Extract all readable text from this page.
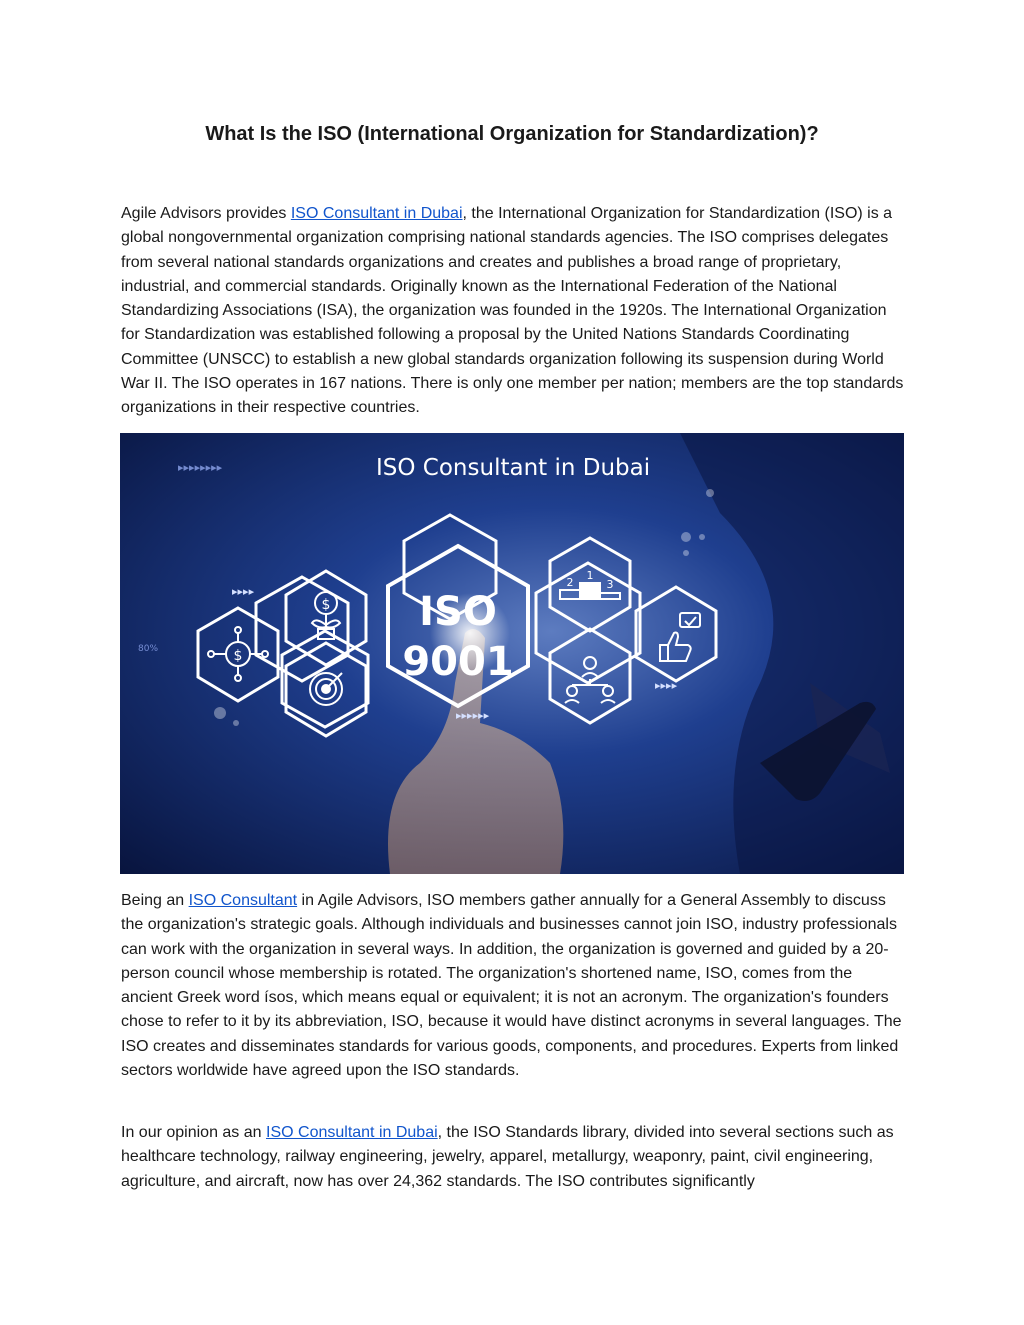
What Is the ISO (International Organization for Standardization)?

Agile Advisors provides ISO Consultant in Dubai, the International Organization for Standardization (ISO) is a global nongovernmental organization comprising national standards agencies. The ISO comprises delegates from several national standards organizations and creates and publishes a broad range of proprietary, industrial, and commercial standards. Originally known as the International Federation of the National Standardizing Associations (ISA), the organization was founded in the 1920s. The International Organization for Standardization was established following a proposal by the United Nations Standards Coordinating Committee (UNSCC) to establish a new global standards organization following its suspension during World War II. The ISO operates in 167 nations. There is only one member per nation; members are the top standards organizations in their respective countries.

▸▸▸▸▸▸▸▸
▸▸▸▸
▸▸▸▸▸▸
▸▸▸▸
80%
ISO Consultant in Dubai
ISO
9001
$
$
1
2	3

Being an ISO Consultant in Agile Advisors, ISO members gather annually for a General Assembly to discuss the organization's strategic goals. Although individuals and businesses cannot join ISO, industry professionals can work with the organization in several ways. In addition, the organization is governed and guided by a 20-person council whose membership is rotated. The organization's shortened name, ISO, comes from the ancient Greek word ísos, which means equal or equivalent; it is not an acronym. The organization's founders chose to refer to it by its abbreviation, ISO, because it would have distinct acronyms in several languages. The ISO creates and disseminates standards for various goods, components, and procedures. Experts from linked sectors worldwide have agreed upon the ISO standards.

In our opinion as an ISO Consultant in Dubai, the ISO Standards library, divided into several sections such as healthcare technology, railway engineering, jewelry, apparel, metallurgy, weaponry, paint, civil engineering, agriculture, and aircraft, now has over 24,362 standards. The ISO contributes significantly
